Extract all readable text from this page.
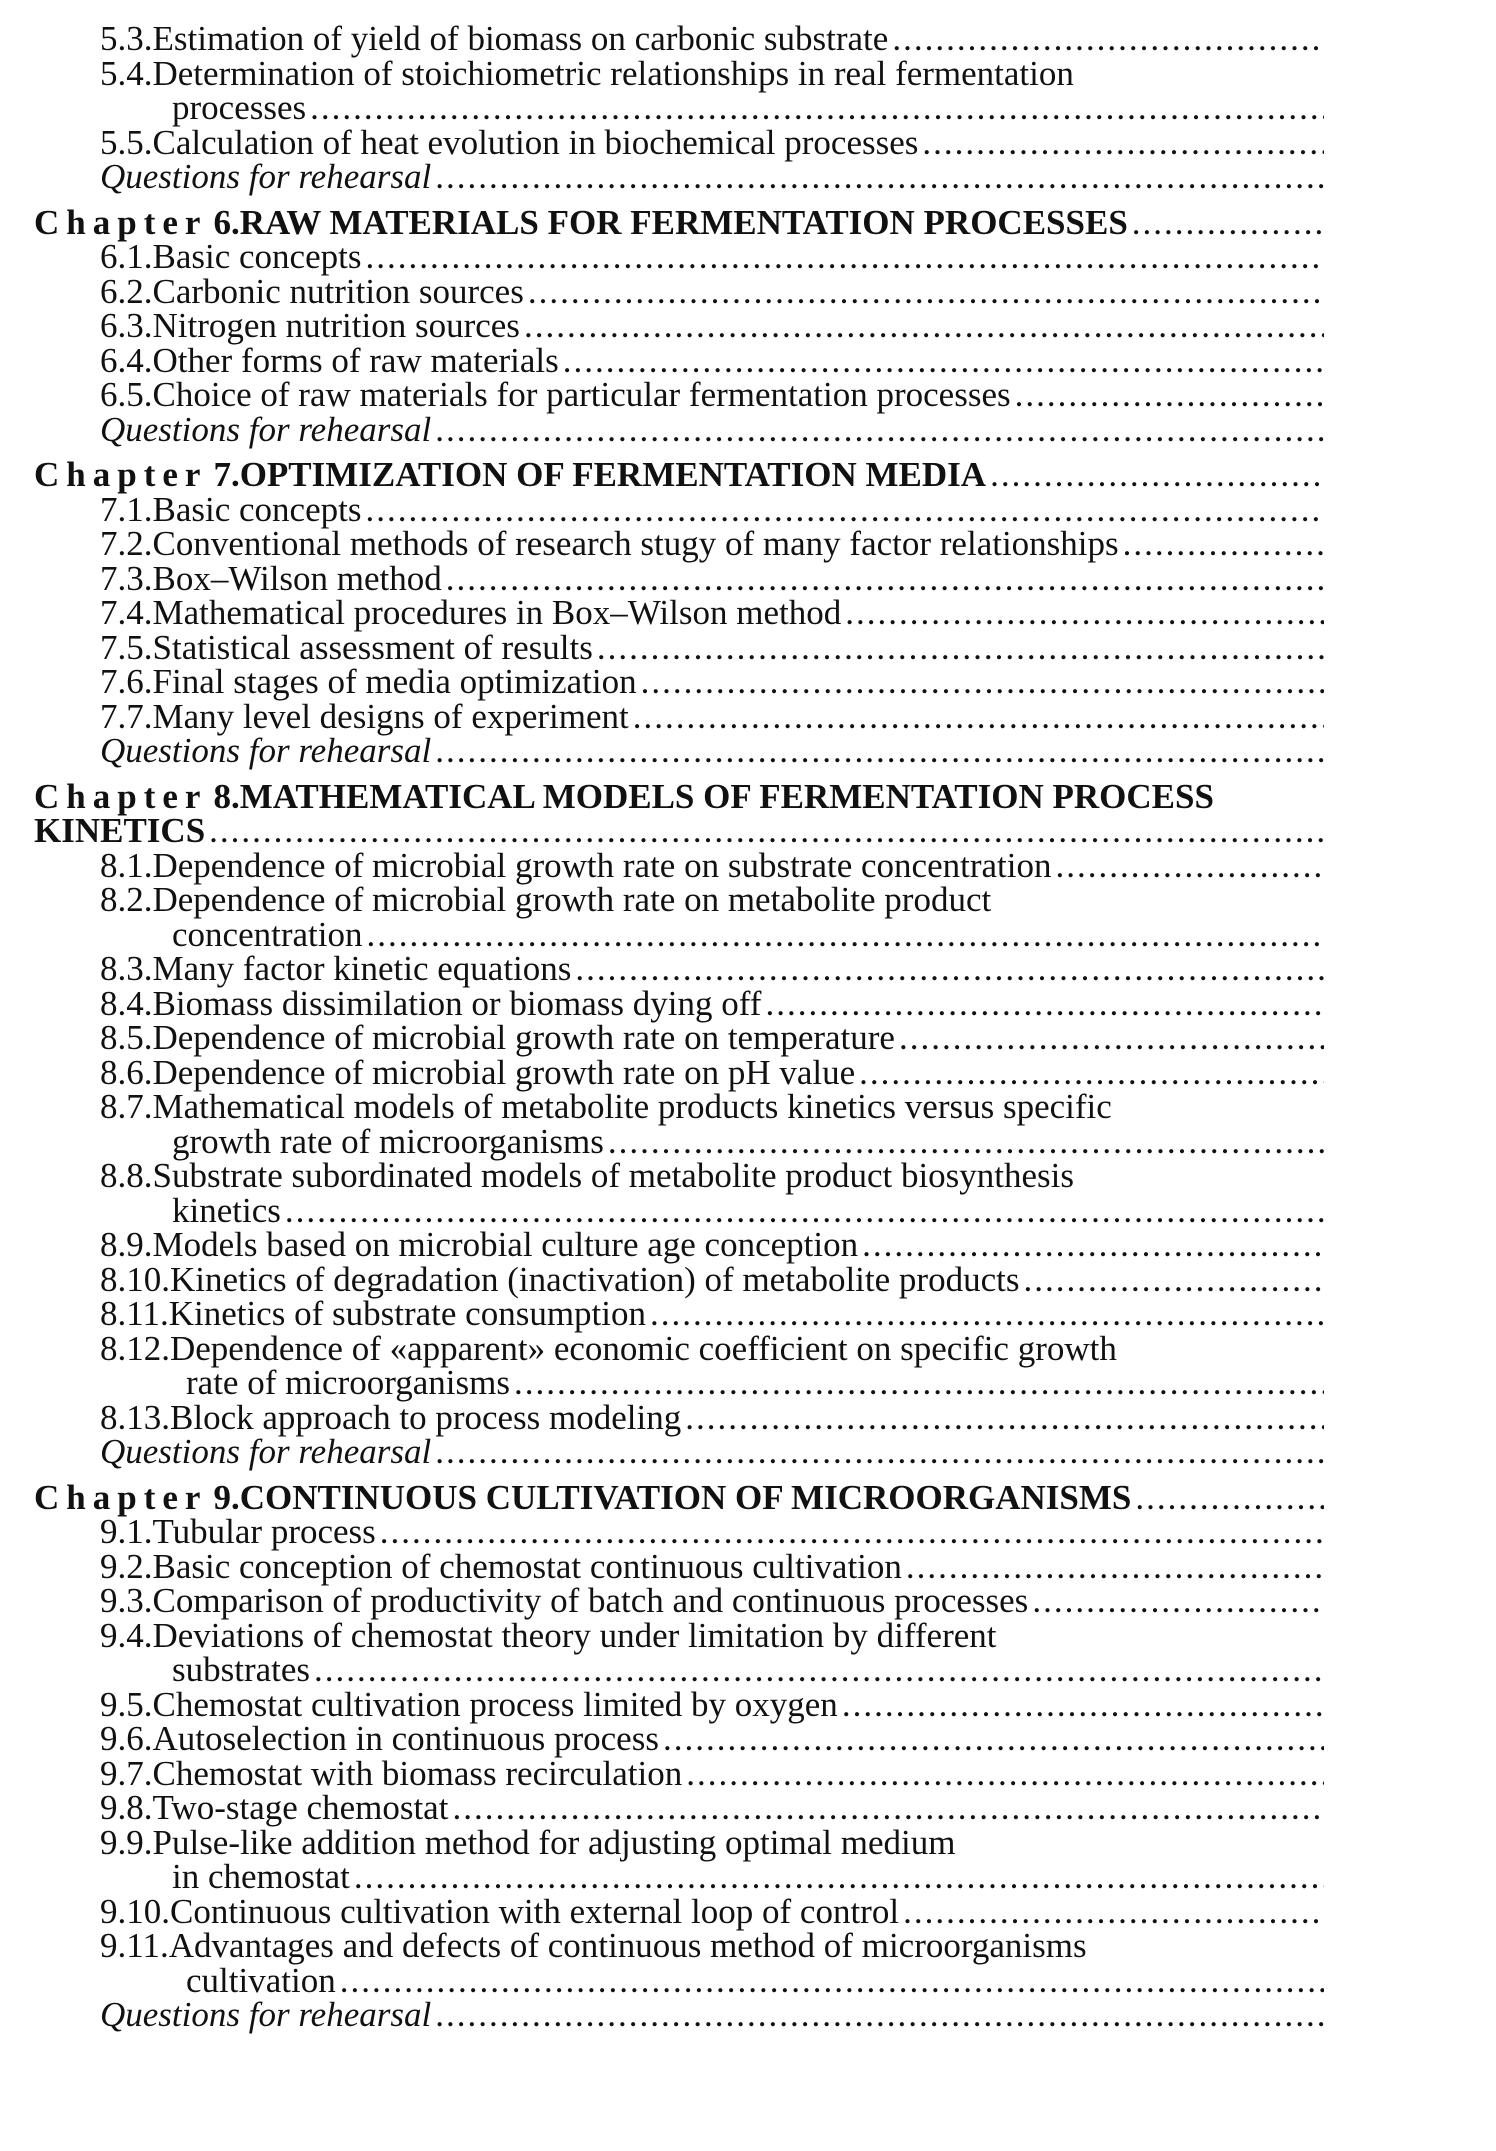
5.3. Estimation of yield of biomass on carbonic substrate
.....
5.4. Determination of stoichiometric relationships in real fermentation
processes
.....
5.5. Calculation of heat evolution in biochemical processes
.....
Questions for rehearsal
.....
Chapter 6. RAW MATERIALS FOR FERMENTATION PROCESSES
.....
6.1. Basic concepts
.....
6.2. Carbonic nutrition sources
.....
6.3. Nitrogen nutrition sources
.....
6.4. Other forms of raw materials
.....
6.5. Choice of raw materials for particular fermentation processes
.....
Questions for rehearsal
.....
Chapter 7. OPTIMIZATION OF FERMENTATION MEDIA
.....
7.1. Basic concepts
.....
7.2. Conventional methods of research stugy of many factor relationships
.....
7.3. Box–Wilson method
.....
7.4. Mathematical procedures in Box–Wilson method
.....
7.5. Statistical assessment of results
.....
7.6. Final stages of media optimization
.....
7.7. Many level designs of experiment
.....
Questions for rehearsal
.....
Chapter 8. MATHEMATICAL MODELS OF FERMENTATION PROCESS
KINETICS
.....
8.1. Dependence of microbial growth rate on substrate concentration
.....
8.2. Dependence of microbial growth rate on metabolite product
concentration
.....
8.3. Many factor kinetic equations
.....
8.4. Biomass dissimilation or biomass dying off
.....
8.5. Dependence of microbial growth rate on temperature
.....
8.6. Dependence of microbial growth rate on pH value
.....
8.7. Mathematical models of metabolite products kinetics versus specific
growth rate of microorganisms
.....
8.8. Substrate subordinated models of metabolite product biosynthesis
kinetics
.....
8.9. Models based on microbial culture age conception
.....
8.10. Kinetics of degradation (inactivation) of metabolite products
.....
8.11. Kinetics of substrate consumption
.....
8.12. Dependence of «apparent» economic coefficient on specific growth
rate of microorganisms
.....
8.13. Block approach to process modeling
.....
Questions for rehearsal
.....
Chapter 9. CONTINUOUS CULTIVATION OF MICROORGANISMS
.....
9.1. Tubular process
.....
9.2. Basic conception of chemostat continuous cultivation
.....
9.3. Comparison of productivity of batch and continuous processes
.....
9.4. Deviations of chemostat theory under limitation by different
substrates
.....
9.5. Chemostat cultivation process limited by oxygen
.....
9.6. Autoselection in continuous process
.....
9.7. Chemostat with biomass recirculation
.....
9.8. Two-stage chemostat
.....
9.9. Pulse-like addition method for adjusting optimal medium
in chemostat
.....
9.10. Continuous cultivation with external loop of control
.....
9.11. Advantages and defects of continuous method of microorganisms
cultivation
.....
Questions for rehearsal
.....
